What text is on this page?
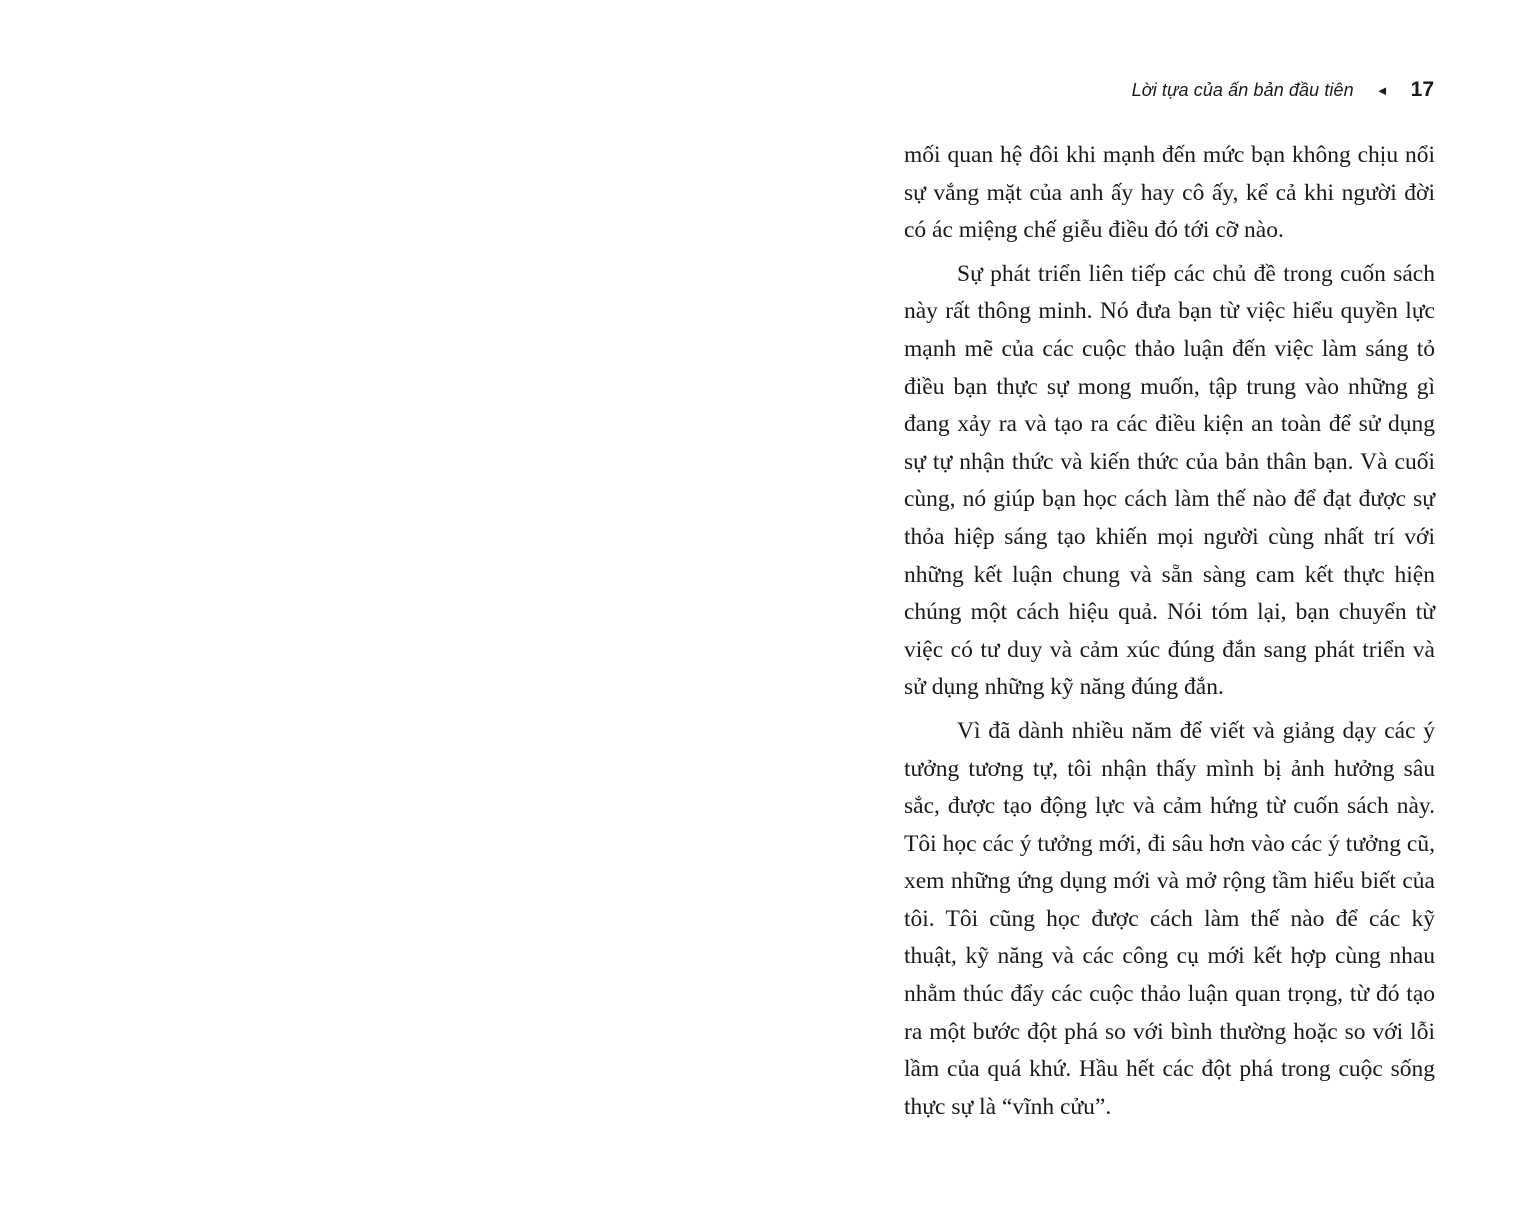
Lời tựa của ấn bản đầu tiên ◄ 17

mối quan hệ đôi khi mạnh đến mức bạn không chịu nổi sự vắng mặt của anh ấy hay cô ấy, kể cả khi người đời có ác miệng chế giễu điều đó tới cỡ nào.

Sự phát triển liên tiếp các chủ đề trong cuốn sách này rất thông minh. Nó đưa bạn từ việc hiểu quyền lực mạnh mẽ của các cuộc thảo luận đến việc làm sáng tỏ điều bạn thực sự mong muốn, tập trung vào những gì đang xảy ra và tạo ra các điều kiện an toàn để sử dụng sự tự nhận thức và kiến thức của bản thân bạn. Và cuối cùng, nó giúp bạn học cách làm thế nào để đạt được sự thỏa hiệp sáng tạo khiến mọi người cùng nhất trí với những kết luận chung và sẵn sàng cam kết thực hiện chúng một cách hiệu quả. Nói tóm lại, bạn chuyển từ việc có tư duy và cảm xúc đúng đắn sang phát triển và sử dụng những kỹ năng đúng đắn.

Vì đã dành nhiều năm để viết và giảng dạy các ý tưởng tương tự, tôi nhận thấy mình bị ảnh hưởng sâu sắc, được tạo động lực và cảm hứng từ cuốn sách này. Tôi học các ý tưởng mới, đi sâu hơn vào các ý tưởng cũ, xem những ứng dụng mới và mở rộng tầm hiểu biết của tôi. Tôi cũng học được cách làm thế nào để các kỹ thuật, kỹ năng và các công cụ mới kết hợp cùng nhau nhằm thúc đẩy các cuộc thảo luận quan trọng, từ đó tạo ra một bước đột phá so với bình thường hoặc so với lỗi lầm của quá khứ. Hầu hết các đột phá trong cuộc sống thực sự là “vĩnh cửu”.
